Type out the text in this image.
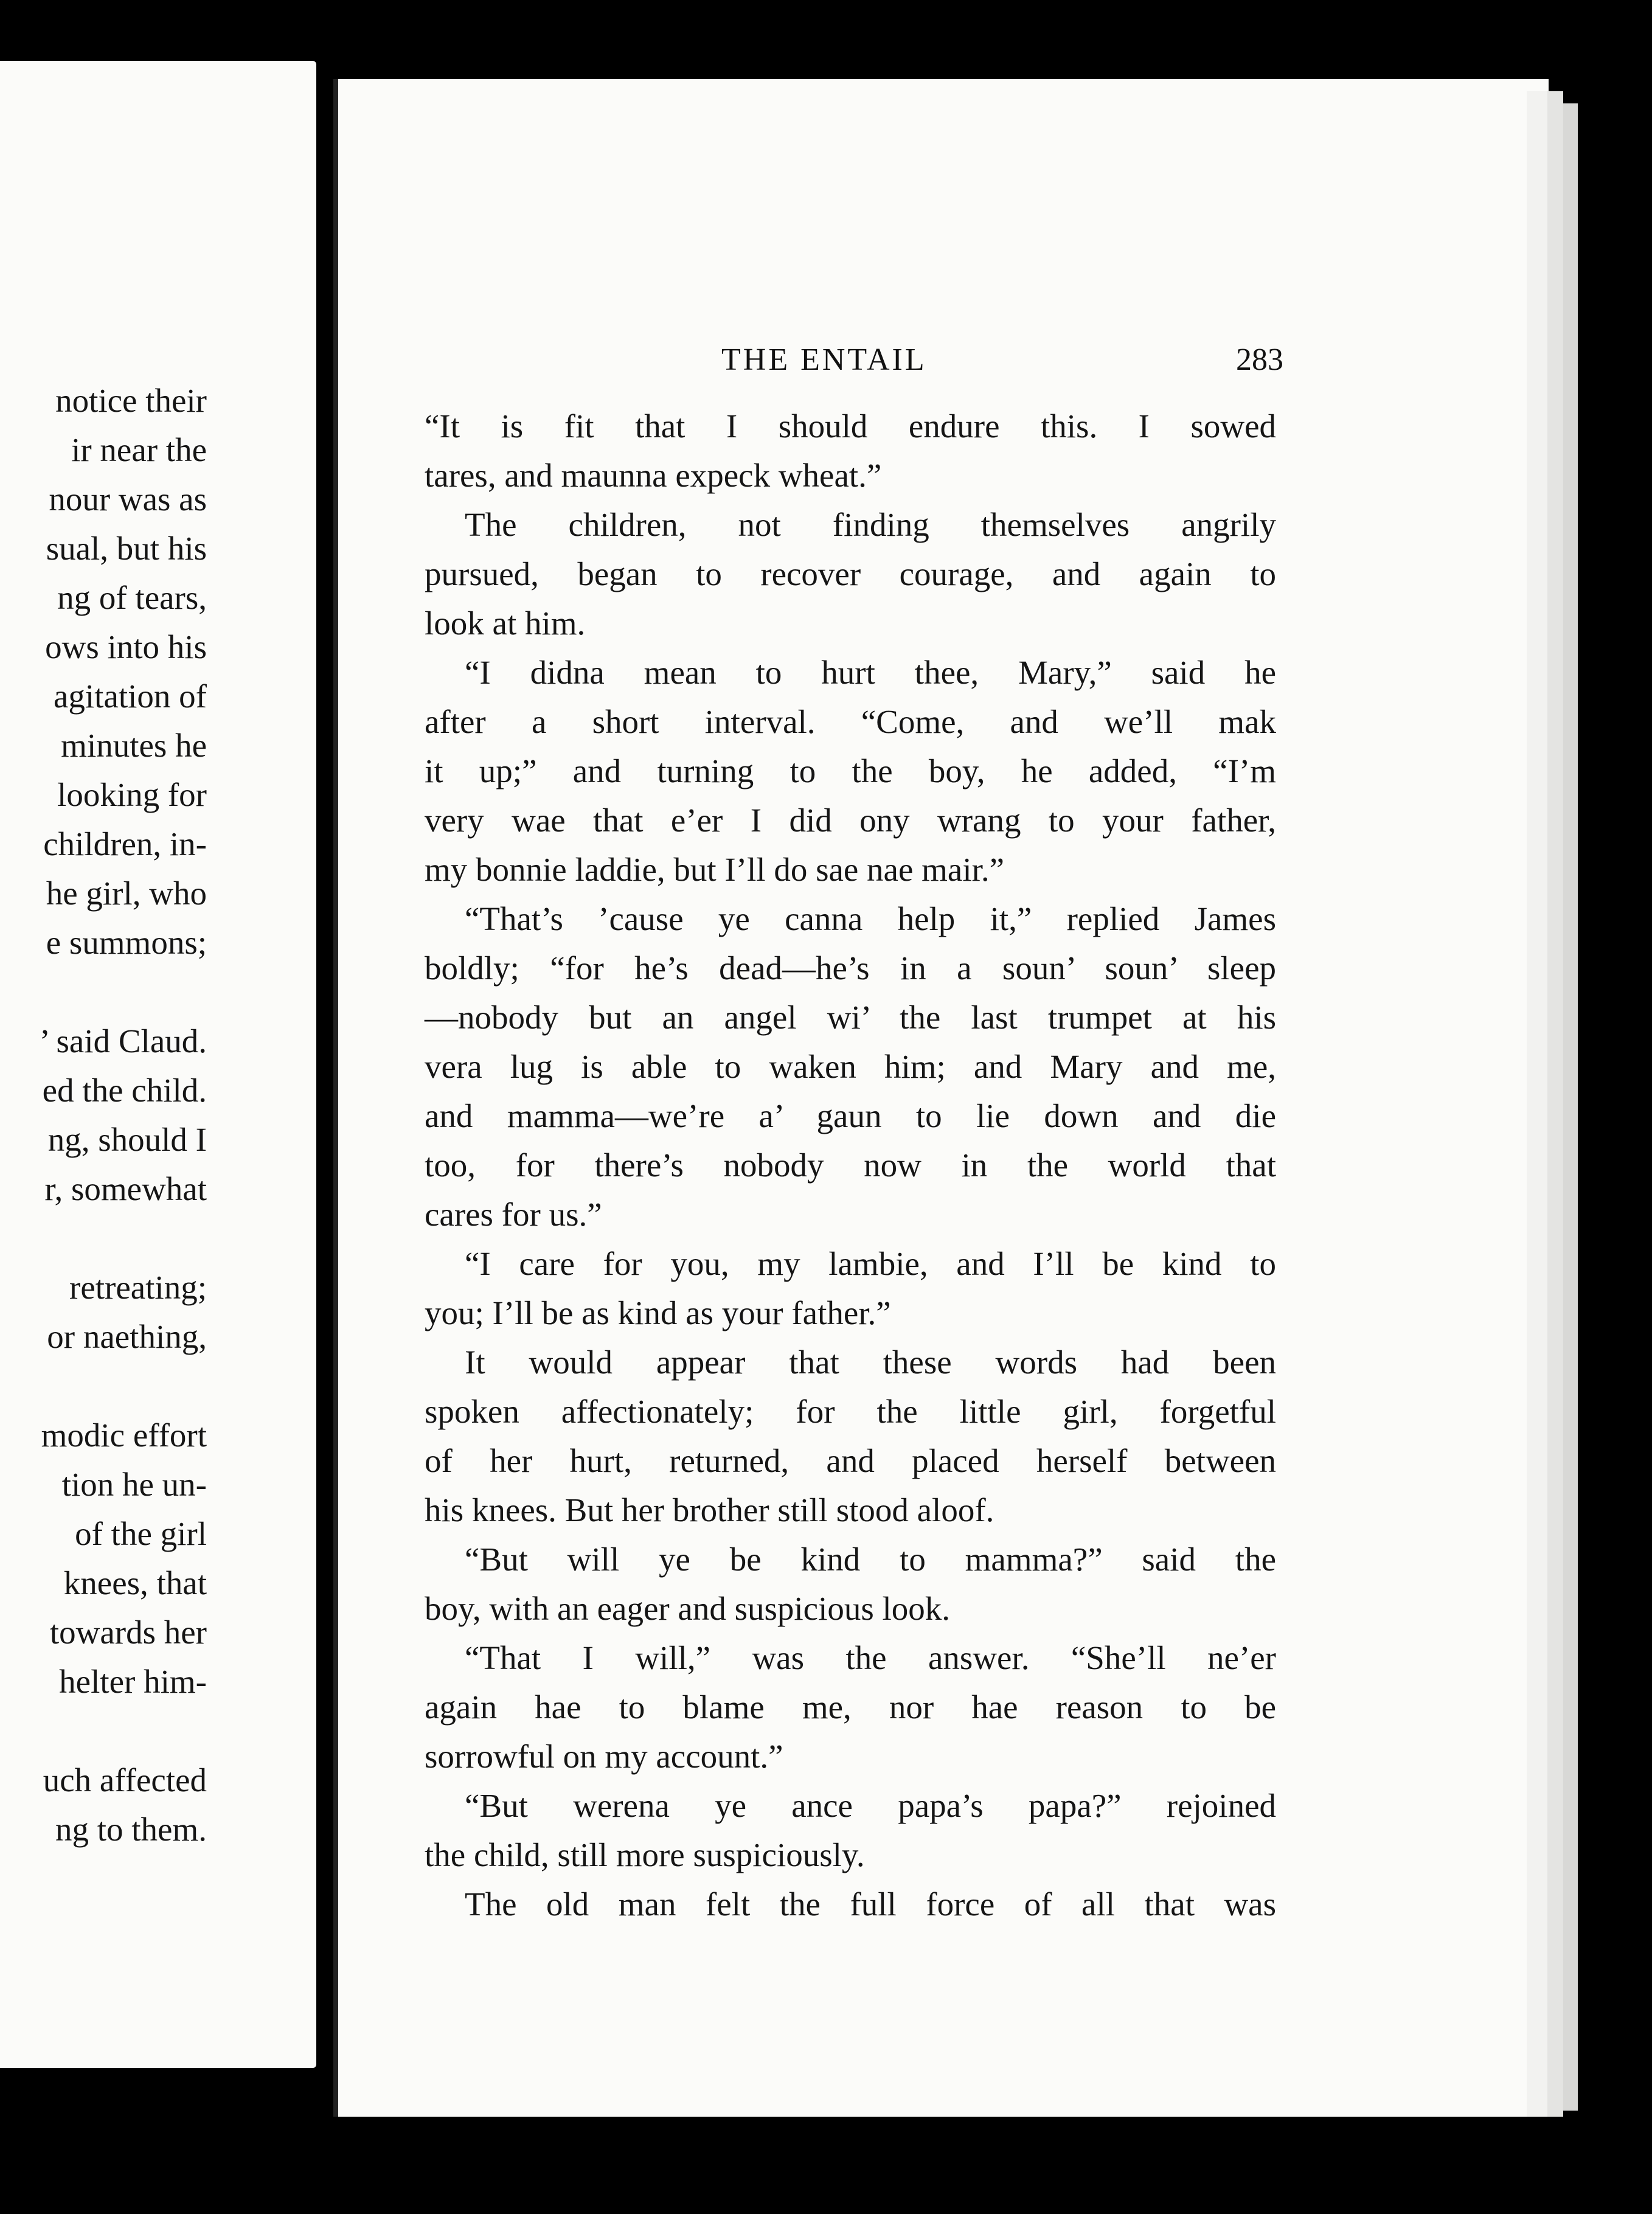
notice their
ir near the
nour was as
sual, but his
ng of tears,
ows into his
agitation of
minutes he
looking for
children, in-
he girl, who
e summons;
’ said Claud.
ed the child.
ng, should I
r, somewhat
retreating;
or naething,
modic effort
tion he un-
of the girl
knees, that
towards her
helter him-
uch affected
ng to them.
THE ENTAIL	283
“It is fit that I should endure this. I sowed
tares, and maunna expeck wheat.”
The children, not finding themselves angrily
pursued, began to recover courage, and again to
look at him.
“I didna mean to hurt thee, Mary,” said he
after a short interval. “Come, and we’ll mak
it up;” and turning to the boy, he added, “I’m
very wae that e’er I did ony wrang to your father,
my bonnie laddie, but I’ll do sae nae mair.”
“That’s ’cause ye canna help it,” replied James
boldly; “for he’s dead—he’s in a soun’ soun’ sleep
—nobody but an angel wi’ the last trumpet at his
vera lug is able to waken him; and Mary and me,
and mamma—we’re a’ gaun to lie down and die
too, for there’s nobody now in the world that
cares for us.”
“I care for you, my lambie, and I’ll be kind to
you; I’ll be as kind as your father.”
It would appear that these words had been
spoken affectionately; for the little girl, forgetful
of her hurt, returned, and placed herself between
his knees. But her brother still stood aloof.
“But will ye be kind to mamma?” said the
boy, with an eager and suspicious look.
“That I will,” was the answer. “She’ll ne’er
again hae to blame me, nor hae reason to be
sorrowful on my account.”
“But werena ye ance papa’s papa?” rejoined
the child, still more suspiciously.
The old man felt the full force of all that was
